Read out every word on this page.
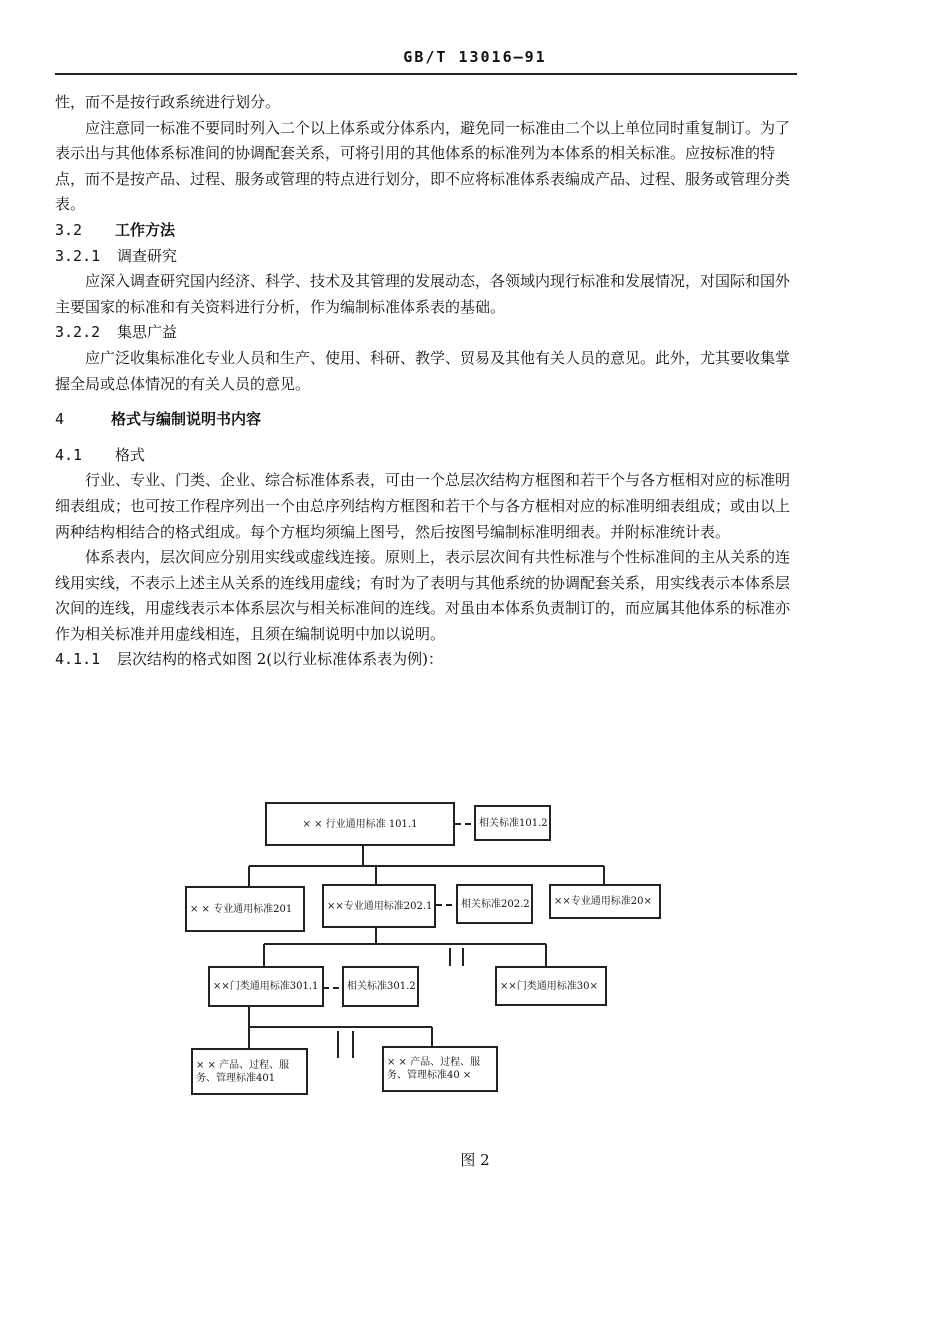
GB/T 13016—91

性，而不是按行政系统进行划分。

应注意同一标准不要同时列入二个以上体系或分体系内，避免同一标准由二个以上单位同时重复制订。为了表示出与其他体系标准间的协调配套关系，可将引用的其他体系的标准列为本体系的相关标准。应按标准的特点，而不是按产品、过程、服务或管理的特点进行划分，即不应将标准体系表编成产品、过程、服务或管理分类表。

3.2 工作方法

3.2.1 调查研究

应深入调查研究国内经济、科学、技术及其管理的发展动态，各领域内现行标准和发展情况，对国际和国外主要国家的标准和有关资料进行分析，作为编制标准体系表的基础。

3.2.2 集思广益

应广泛收集标准化专业人员和生产、使用、科研、教学、贸易及其他有关人员的意见。此外，尤其要收集掌握全局或总体情况的有关人员的意见。

4	格式与编制说明书内容

4.1 格式

行业、专业、门类、企业、综合标准体系表，可由一个总层次结构方框图和若干个与各方框相对应的标准明细表组成；也可按工作程序列出一个由总序列结构方框图和若干个与各方框相对应的标准明细表组成；或由以上两种结构相结合的格式组成。每个方框均须编上图号，然后按图号编制标准明细表。并附标准统计表。

体系表内，层次间应分别用实线或虚线连接。原则上，表示层次间有共性标准与个性标准间的主从关系的连线用实线，不表示上述主从关系的连线用虚线；有时为了表明与其他系统的协调配套关系，用实线表示本体系层次间的连线，用虚线表示本体系层次与相关标准间的连线。对虽由本体系负责制订的，而应属其他体系的标准亦作为相关标准并用虚线相连，且须在编制说明中加以说明。

4.1.1 层次结构的格式如图 2(以行业标准体系表为例)：

× × 行业通用标准 101.1	相关标准101.2
× × 专业通用标准201	××专业通用标准202.1	相关标准202.2	××专业通用标准20×
××门类通用标准301.1	相关标准301.2	××门类通用标准30×
× × 产品、过程、服务、管理标准401
× × 产品、过程、服务、管理标准40 ×
图 2
